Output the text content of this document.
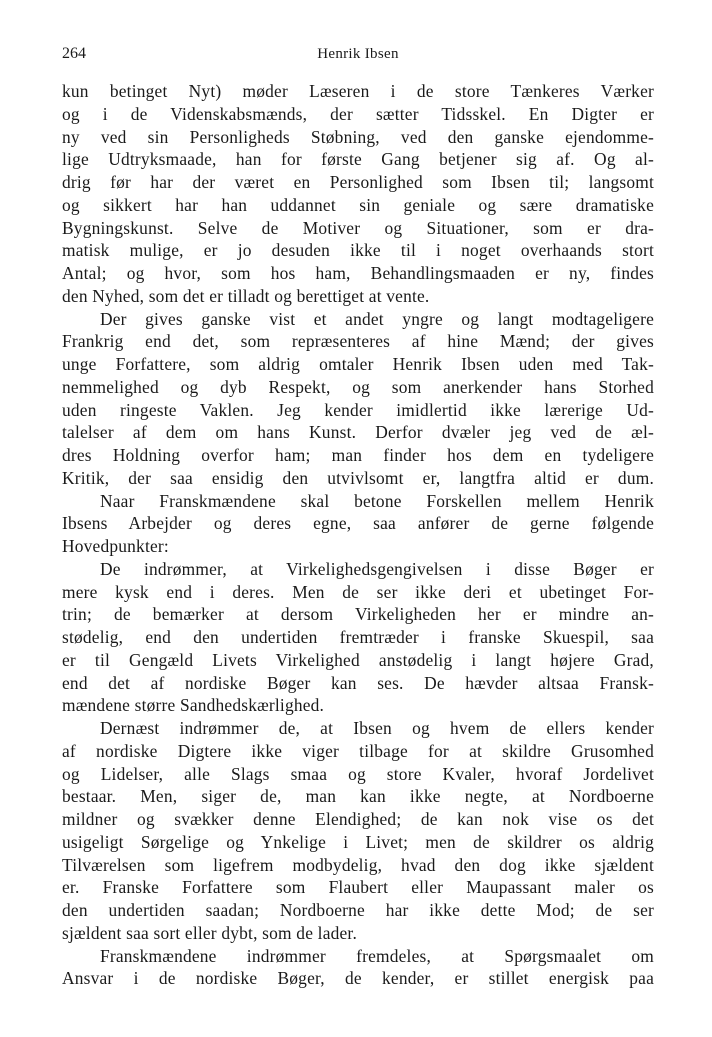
264	Henrik Ibsen
kun betinget Nyt) møder Læseren i de store Tænkeres Værker
og i de Videnskabsmænds, der sætter Tidsskel. En Digter er
ny ved sin Personligheds Støbning, ved den ganske ejendomme-
lige Udtryksmaade, han for første Gang betjener sig af. Og al-
drig før har der været en Personlighed som Ibsen til; langsomt
og sikkert har han uddannet sin geniale og sære dramatiske
Bygningskunst. Selve de Motiver og Situationer, som er dra-
matisk mulige, er jo desuden ikke til i noget overhaands stort
Antal; og hvor, som hos ham, Behandlingsmaaden er ny, findes
den Nyhed, som det er tilladt og berettiget at vente.
Der gives ganske vist et andet yngre og langt modtageligere
Frankrig end det, som repræsenteres af hine Mænd; der gives
unge Forfattere, som aldrig omtaler Henrik Ibsen uden med Tak-
nemmelighed og dyb Respekt, og som anerkender hans Storhed
uden ringeste Vaklen. Jeg kender imidlertid ikke lærerige Ud-
talelser af dem om hans Kunst. Derfor dvæler jeg ved de æl-
dres Holdning overfor ham; man finder hos dem en tydeligere
Kritik, der saa ensidig den utvivlsomt er, langtfra altid er dum.
Naar Franskmændene skal betone Forskellen mellem Henrik
Ibsens Arbejder og deres egne, saa anfører de gerne følgende
Hovedpunkter:
De indrømmer, at Virkelighedsgengivelsen i disse Bøger er
mere kysk end i deres. Men de ser ikke deri et ubetinget For-
trin; de bemærker at dersom Virkeligheden her er mindre an-
stødelig, end den undertiden fremtræder i franske Skuespil, saa
er til Gengæld Livets Virkelighed anstødelig i langt højere Grad,
end det af nordiske Bøger kan ses. De hævder altsaa Fransk-
mændene større Sandhedskærlighed.
Dernæst indrømmer de, at Ibsen og hvem de ellers kender
af nordiske Digtere ikke viger tilbage for at skildre Grusomhed
og Lidelser, alle Slags smaa og store Kvaler, hvoraf Jordelivet
bestaar. Men, siger de, man kan ikke negte, at Nordboerne
mildner og svækker denne Elendighed; de kan nok vise os det
usigeligt Sørgelige og Ynkelige i Livet; men de skildrer os aldrig
Tilværelsen som ligefrem modbydelig, hvad den dog ikke sjældent
er. Franske Forfattere som Flaubert eller Maupassant maler os
den undertiden saadan; Nordboerne har ikke dette Mod; de ser
sjældent saa sort eller dybt, som de lader.
Franskmændene indrømmer fremdeles, at Spørgsmaalet om
Ansvar i de nordiske Bøger, de kender, er stillet energisk paa
